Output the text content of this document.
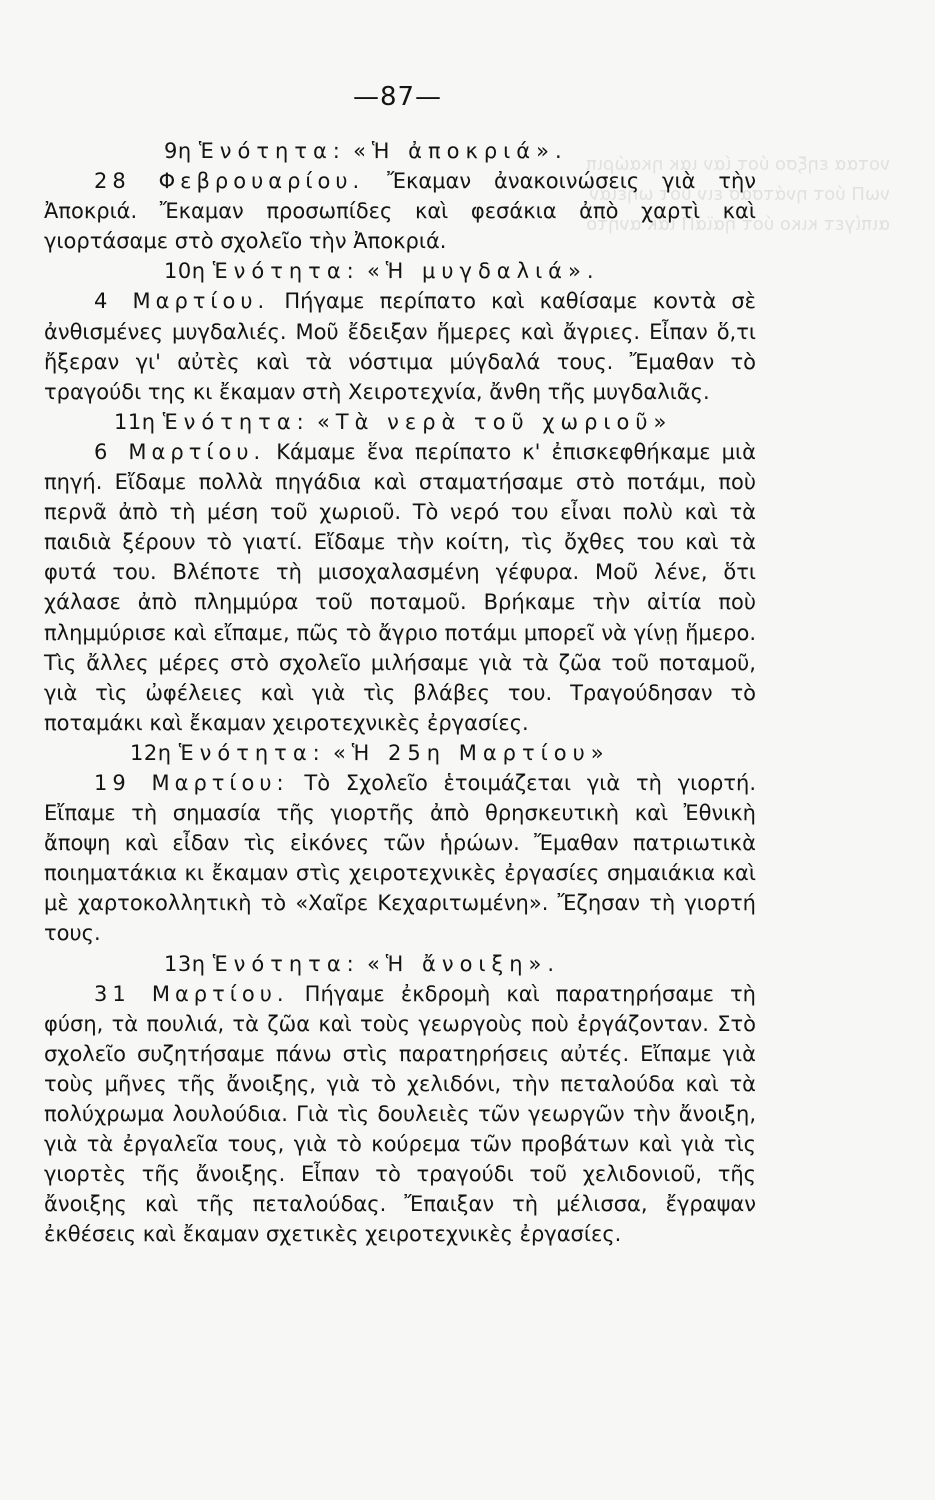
νοταα εηξσο ύοτ ίαν ιακ ηκαώριπ
νωΠ ύοτ ηνάτσασ ειν ύοτ ωηεϊαν
αιπίγετ κικο ύοτ ηαϊαΠ ιακ ανητο
—87—
9η Ἑνότητα: «Ἡ ἀποκριά».

28 Φεβρουαρίου. Ἔκαμαν ἀνακοινώσεις γιὰ τὴν Ἀποκριά. Ἔκαμαν προσωπίδες καὶ φεσάκια ἀπὸ χαρτὶ καὶ γιορτάσαμε στὸ σχολεῖο τὴν Ἀποκριά.

10η Ἑνότητα: «Ἡ μυγδαλιά».

4 Μαρτίου. Πήγαμε περίπατο καὶ καθίσαμε κοντὰ σὲ ἀνθισμένες μυγδαλιές. Μοῦ ἔδειξαν ἥμερες καὶ ἄγριες. Εἶπαν ὅ,τι ἤξεραν γι' αὐτὲς καὶ τὰ νόστιμα μύγδαλά τους. Ἔμαθαν τὸ τραγούδι της κι ἔκαμαν στὴ Χειροτεχνία, ἄνθη τῆς μυγδαλιᾶς.

11η Ἑνότητα: «Τὰ νερὰ τοῦ χωριοῦ»

6 Μαρτίου. Κάμαμε ἕνα περίπατο κ' ἐπισκεφθήκαμε μιὰ πηγή. Εἴδαμε πολλὰ πηγάδια καὶ σταματήσαμε στὸ ποτάμι, ποὺ περνᾶ ἀπὸ τὴ μέση τοῦ χωριοῦ. Τὸ νερό του εἶναι πολὺ καὶ τὰ παιδιὰ ξέρουν τὸ γιατί. Εἴδαμε τὴν κοίτη, τὶς ὄχθες του καὶ τὰ φυτά του. Βλέποτε τὴ μισοχαλασμένη γέφυρα. Μοῦ λένε, ὅτι χάλασε ἀπὸ πλημμύρα τοῦ ποταμοῦ. Βρήκαμε τὴν αἰτία ποὺ πλημμύρισε καὶ εἴπαμε, πῶς τὸ ἄγριο ποτάμι μπορεῖ νὰ γίνῃ ἥμερο. Τὶς ἄλλες μέρες στὸ σχολεῖο μιλήσαμε γιὰ τὰ ζῶα τοῦ ποταμοῦ, γιὰ τὶς ὠφέλειες καὶ γιὰ τὶς βλάβες του. Τραγούδησαν τὸ ποταμάκι καὶ ἔκαμαν χειροτεχνικὲς ἐργασίες.

12η Ἑνότητα: «Ἡ 25η Μαρτίου»

19 Μαρτίου: Τὸ Σχολεῖο ἑτοιμάζεται γιὰ τὴ γιορτή. Εἴπαμε τὴ σημασία τῆς γιορτῆς ἀπὸ θρησκευτικὴ καὶ Ἐθνικὴ ἄποψη καὶ εἶδαν τὶς εἰκόνες τῶν ἡρώων. Ἔμαθαν πατριωτικὰ ποιηματάκια κι ἔκαμαν στὶς χειροτεχνικὲς ἐργασίες σημαιάκια καὶ μὲ χαρτοκολλητικὴ τὸ «Χαῖρε Κεχαριτωμένη». Ἔζησαν τὴ γιορτή τους.

13η Ἑνότητα: «Ἡ ἄνοιξη».

31 Μαρτίου. Πήγαμε ἐκδρομὴ καὶ παρατηρήσαμε τὴ φύση, τὰ πουλιά, τὰ ζῶα καὶ τοὺς γεωργοὺς ποὺ ἐργάζονταν. Στὸ σχολεῖο συζητήσαμε πάνω στὶς παρατηρήσεις αὐτές. Εἴπαμε γιὰ τοὺς μῆνες τῆς ἄνοιξης, γιὰ τὸ χελιδόνι, τὴν πεταλούδα καὶ τὰ πολύχρωμα λουλούδια. Γιὰ τὶς δουλειὲς τῶν γεωργῶν τὴν ἄνοιξη, γιὰ τὰ ἐργαλεῖα τους, γιὰ τὸ κούρεμα τῶν προβάτων καὶ γιὰ τὶς γιορτὲς τῆς ἄνοιξης. Εἶπαν τὸ τραγούδι τοῦ χελιδονιοῦ, τῆς ἄνοιξης καὶ τῆς πεταλούδας. Ἔπαιξαν τὴ μέλισσα, ἔγραψαν ἐκθέσεις καὶ ἔκαμαν σχετικὲς χειροτεχνικὲς ἐργασίες.
